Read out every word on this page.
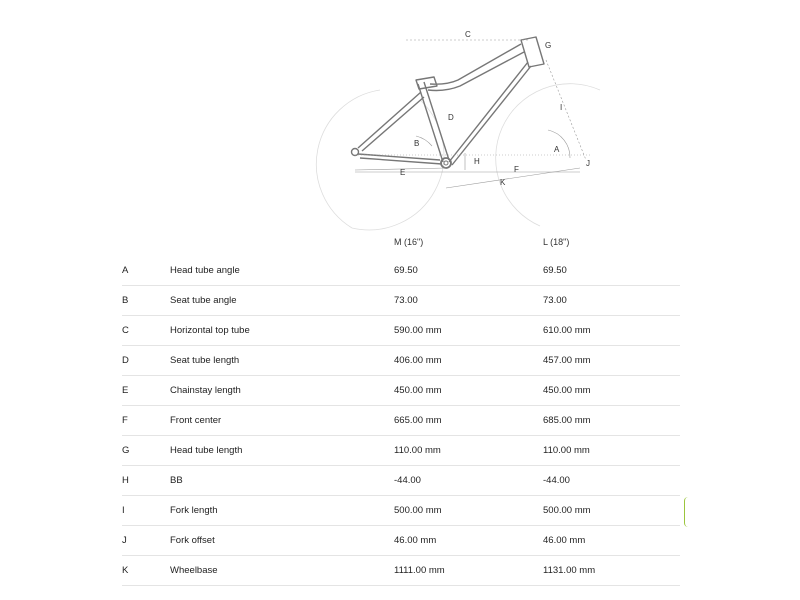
C
G
I
D
B
A
H	J
E	F
K
M (16")	L (18")
A	Head tube angle	69.50	69.50
B	Seat tube angle	73.00	73.00
C	Horizontal top tube	590.00 mm	610.00 mm
D	Seat tube length	406.00 mm	457.00 mm
E	Chainstay length	450.00 mm	450.00 mm
F	Front center	665.00 mm	685.00 mm
G	Head tube length	110.00 mm	110.00 mm
H	BB	-44.00	-44.00
I	Fork length	500.00 mm	500.00 mm
J	Fork offset	46.00 mm	46.00 mm
K	Wheelbase	1111.00 mm	1131.00 mm
